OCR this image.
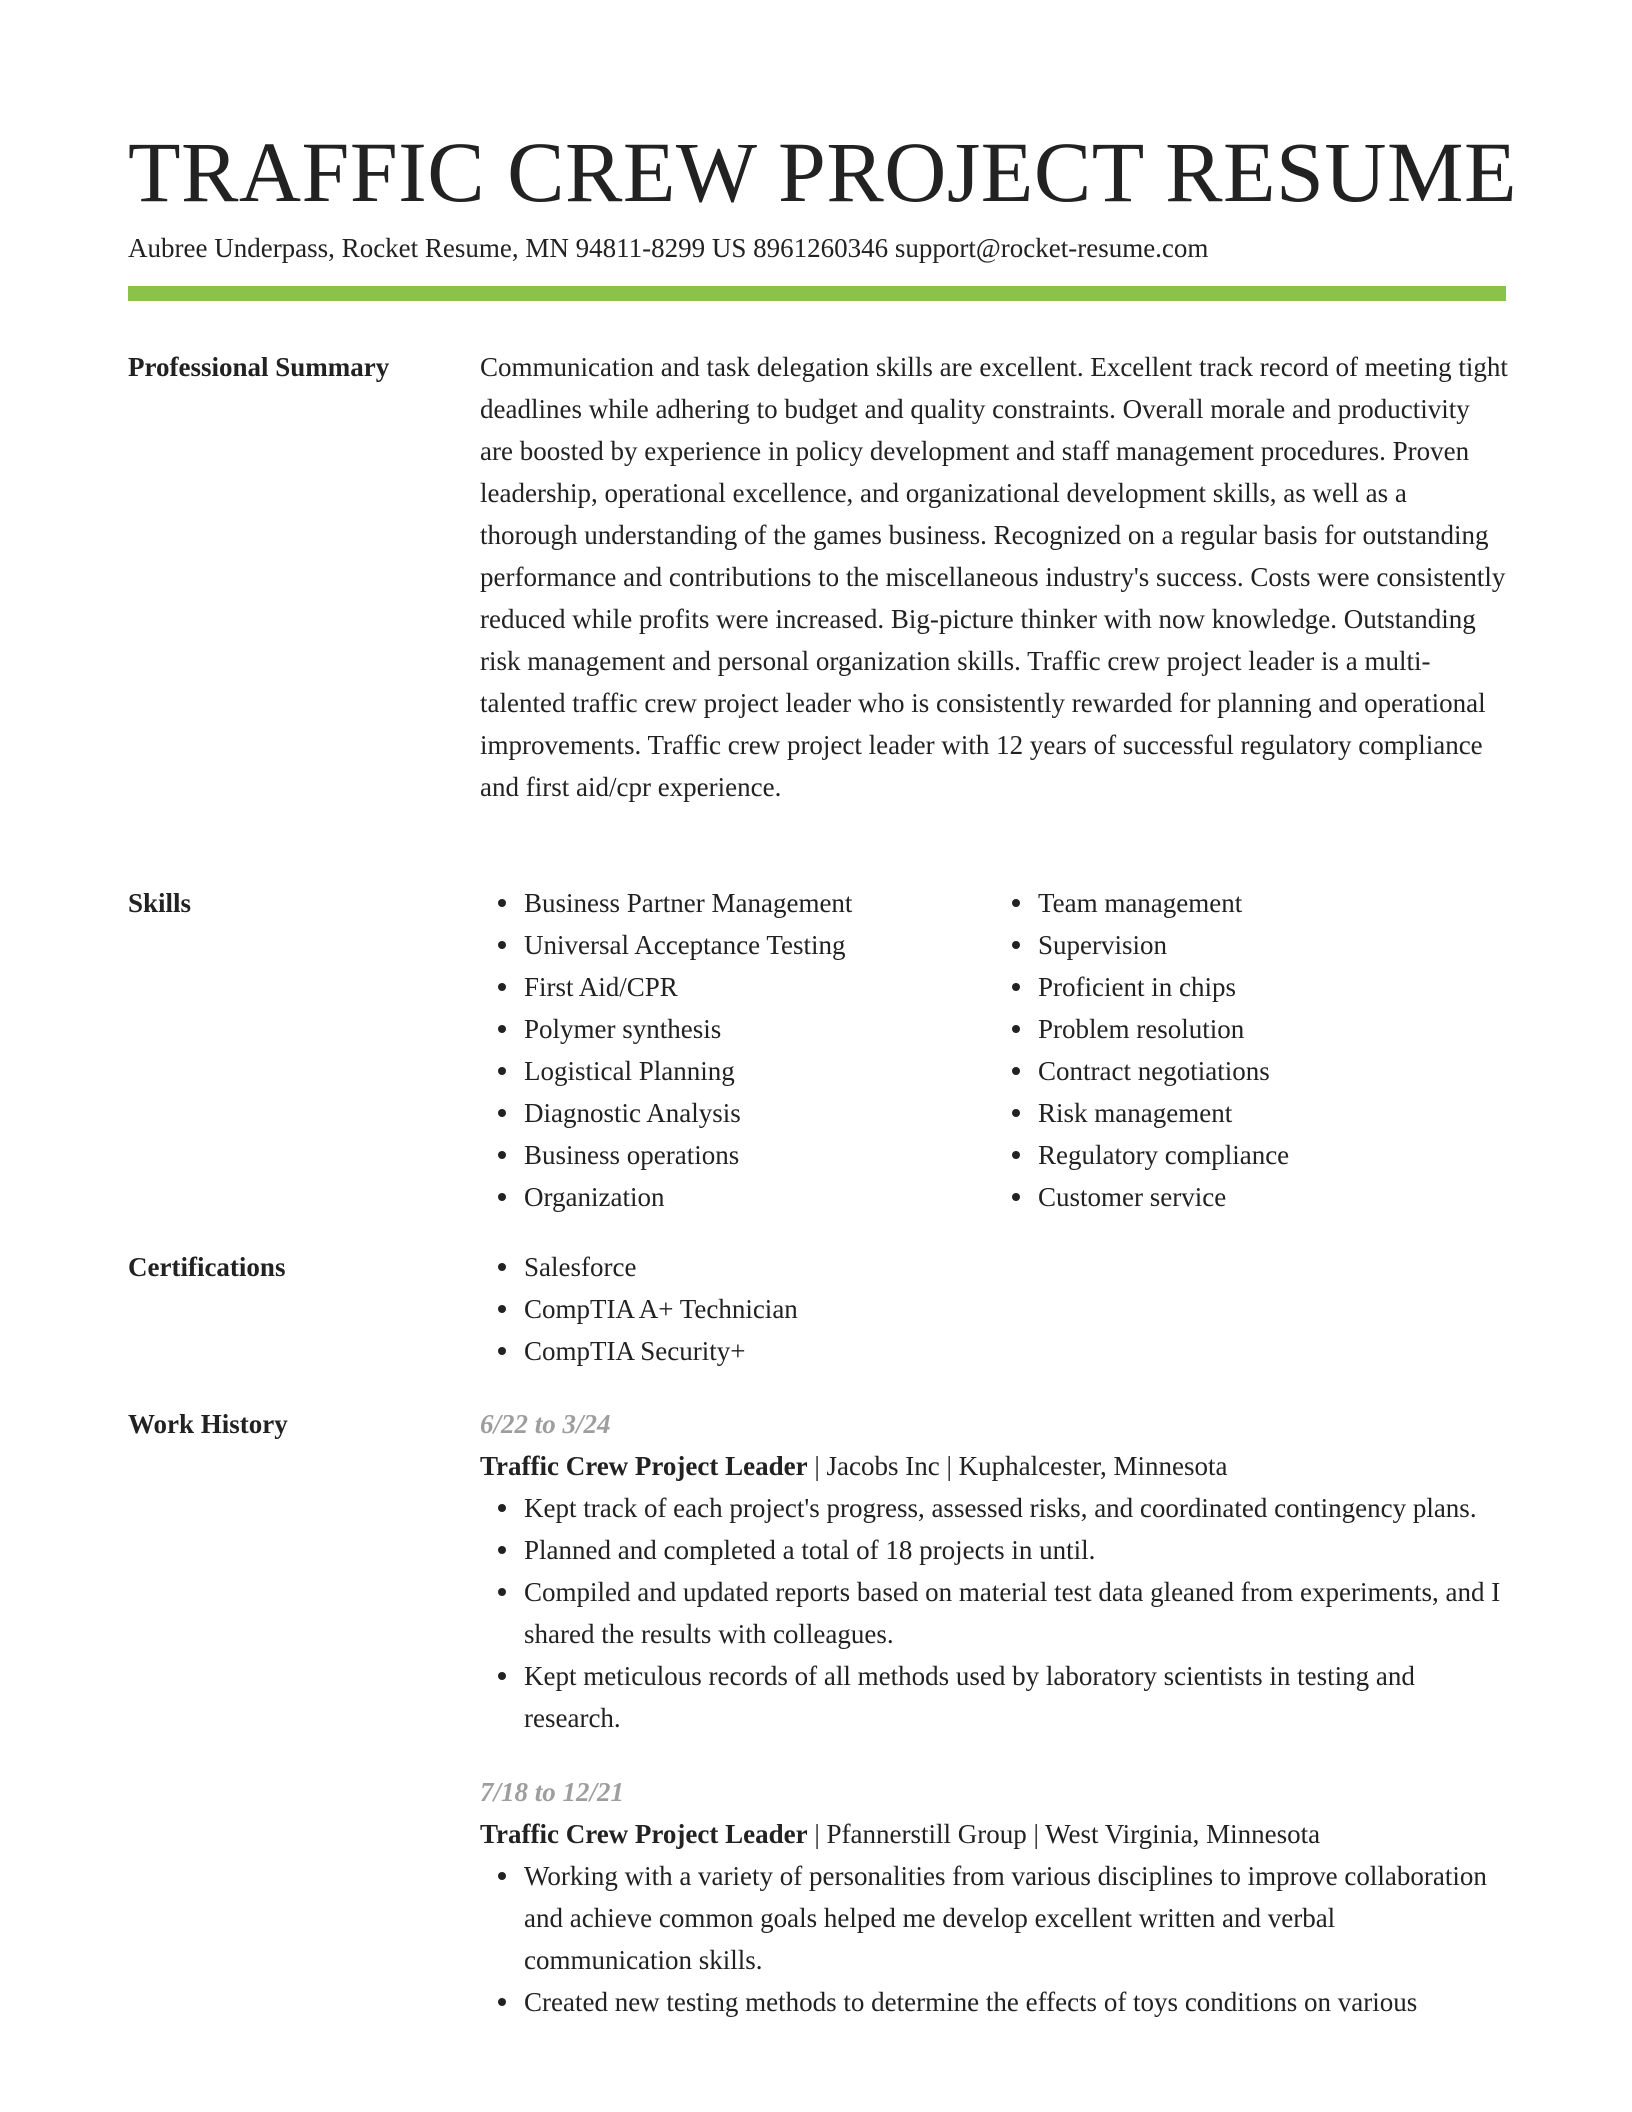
TRAFFIC CREW PROJECT RESUME
Aubree Underpass, Rocket Resume, MN 94811-8299 US 8961260346 support@rocket-resume.com
Professional Summary	Communication and task delegation skills are excellent. Excellent track record of meeting tight deadlines while adhering to budget and quality constraints. Overall morale and productivity are boosted by experience in policy development and staff management procedures. Proven leadership, operational excellence, and organizational development skills, as well as a thorough understanding of the games business. Recognized on a regular basis for outstanding performance and contributions to the miscellaneous industry's success. Costs were consistently reduced while profits were increased. Big-picture thinker with now knowledge. Outstanding risk management and personal organization skills. Traffic crew project leader is a multi-talented traffic crew project leader who is consistently rewarded for planning and operational improvements. Traffic crew project leader with 12 years of successful regulatory compliance and first aid/cpr experience.

Skills	Business Partner Management
Universal Acceptance Testing
First Aid/CPR
Polymer synthesis
Logistical Planning
Diagnostic Analysis
Business operations
Organization
Team management
Supervision
Proficient in chips
Problem resolution
Contract negotiations
Risk management
Regulatory compliance
Customer service
Certifications	Salesforce
CompTIA A+ Technician
CompTIA Security+
Work History	6/22 to 3/24
Traffic Crew Project Leader | Jacobs Inc | Kuphalcester, Minnesota
Kept track of each project's progress, assessed risks, and coordinated contingency plans.
Planned and completed a total of 18 projects in until.
Compiled and updated reports based on material test data gleaned from experiments, and I shared the results with colleagues.
Kept meticulous records of all methods used by laboratory scientists in testing and research.
7/18 to 12/21
Traffic Crew Project Leader | Pfannerstill Group | West Virginia, Minnesota
Working with a variety of personalities from various disciplines to improve collaboration and achieve common goals helped me develop excellent written and verbal communication skills.
Created new testing methods to determine the effects of toys conditions on various
